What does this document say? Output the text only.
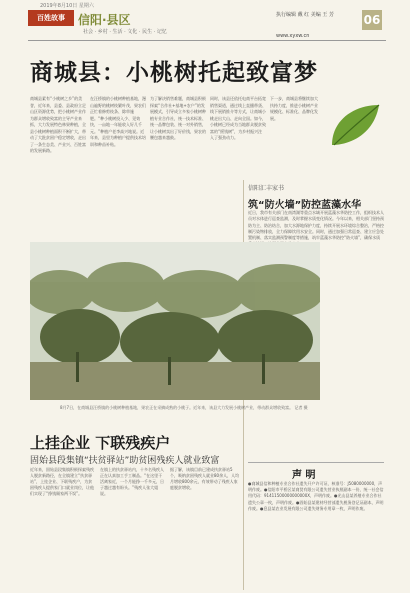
2019年8月10日 星期六
百姓故事	信阳·县区
社会 · 乡村 · 生活 · 文化 · 民生 · 记忆
执行编辑 戴 红 美编 王 芳 06
www.xyxw.cn
商城县：小桃树托起致富梦
商城县素有“小桃树之乡”的美誉，近年来，县委、县政府立足山区资源优势，把小桃树产业作为群众增收致富的主导产业来抓，大力发展特色林果种植，全县小桃树种植面积不断扩大，带动了大批贫困户稳定增收，走出了一条生态美、产业兴、百姓富的发展新路。
在汪桥镇的小桃树种植基地，漫山遍野的桃树枝繁叶茂，果农们正忙着修剪枝条、除草施肥。“种小桃树投入少、见效快，一亩地一年能收入好几千元。”种植户老李高兴地说。近年来，县里为种植户提供技术培训和种苗补贴。
为了解决销售难题，商城县积极探索“合作社+基地+农户”的发展模式，引导成立多家小桃树种植专业合作社，统一技术标准、统一品牌包装、统一对外销售，让小桃树卖出了好价钱，果农的腰包越来越鼓。
同时，该县还依托电商平台拓宽销售渠道，通过线上直播带货、线下展销推介等方式，让商城小桃走出大山、走向全国。如今，小桃树已经成为当地群众脱贫致富的“摇钱树”，为乡村振兴注入了强劲动力。
下一步，商城县将继续加大扶持力度，推进小桃树产业规模化、标准化、品牌化发展。
信阳汇丰家书
筑“防火墙”防控蓝藻水华
近日，我市有关部门在南湾湖等重点水域开展蓝藻水华防控工作，组织技术人员对水体进行巡查监测，及时掌握水质变化情况。今年以来，相关部门坚持预防为主、防治结合，加大水源地保护力度，持续开展水环境综合整治，严格控制污染物排放，全力保障饮用水安全。同时，通过加强日常巡查、建立应急处置机制、落实监测预警制度等措施，筑牢蓝藻水华防控“防火墙”，确保水质
8月7日，在商城县汪桥镇的小桃树种植基地，果农正在采摘成熟的小桃子。近年来，该县大力发展小桃树产业，带动群众增收致富。 记者 摄
上挂企业 下联残疾户
固始县段集镇“扶贫驿站”助贫困残疾人就业致富
近年来，固始县段集镇积极探索残疾人脱贫新路径，在全镇建立“扶贫驿站”，上挂企业、下联残疾户，为贫困残疾人提供家门口就业岗位，让他们实现了“挣钱顾家两不误”。
在镇上的扶贫驿站内，十多名残疾人正在认真加工手工制品。“在这里干活离家近，一个月能挣一千多元，日子越过越有盼头。”残疾人张大姐说。
据了解，该镇目前已建成扶贫驿站5个，吸纳贫困残疾人就业80余人，人均月增收800余元，有效带动了残疾人家庭脱贫增收。
声 明
●商城县信和种植专业合作社遗失开户许可证，核准号：J5080000000，声明作废。●信阳市平桥区某商贸有限公司遗失营业执照副本一份，统一社会信用代码：91411500000000000X，声明作废。●光山县某养殖专业合作社遗失公章一枚，声明作废。●固始县某建材经营部遗失税务登记证副本，声明作废。●息县某农业发展有限公司遗失财务专用章一枚，声明作废。
